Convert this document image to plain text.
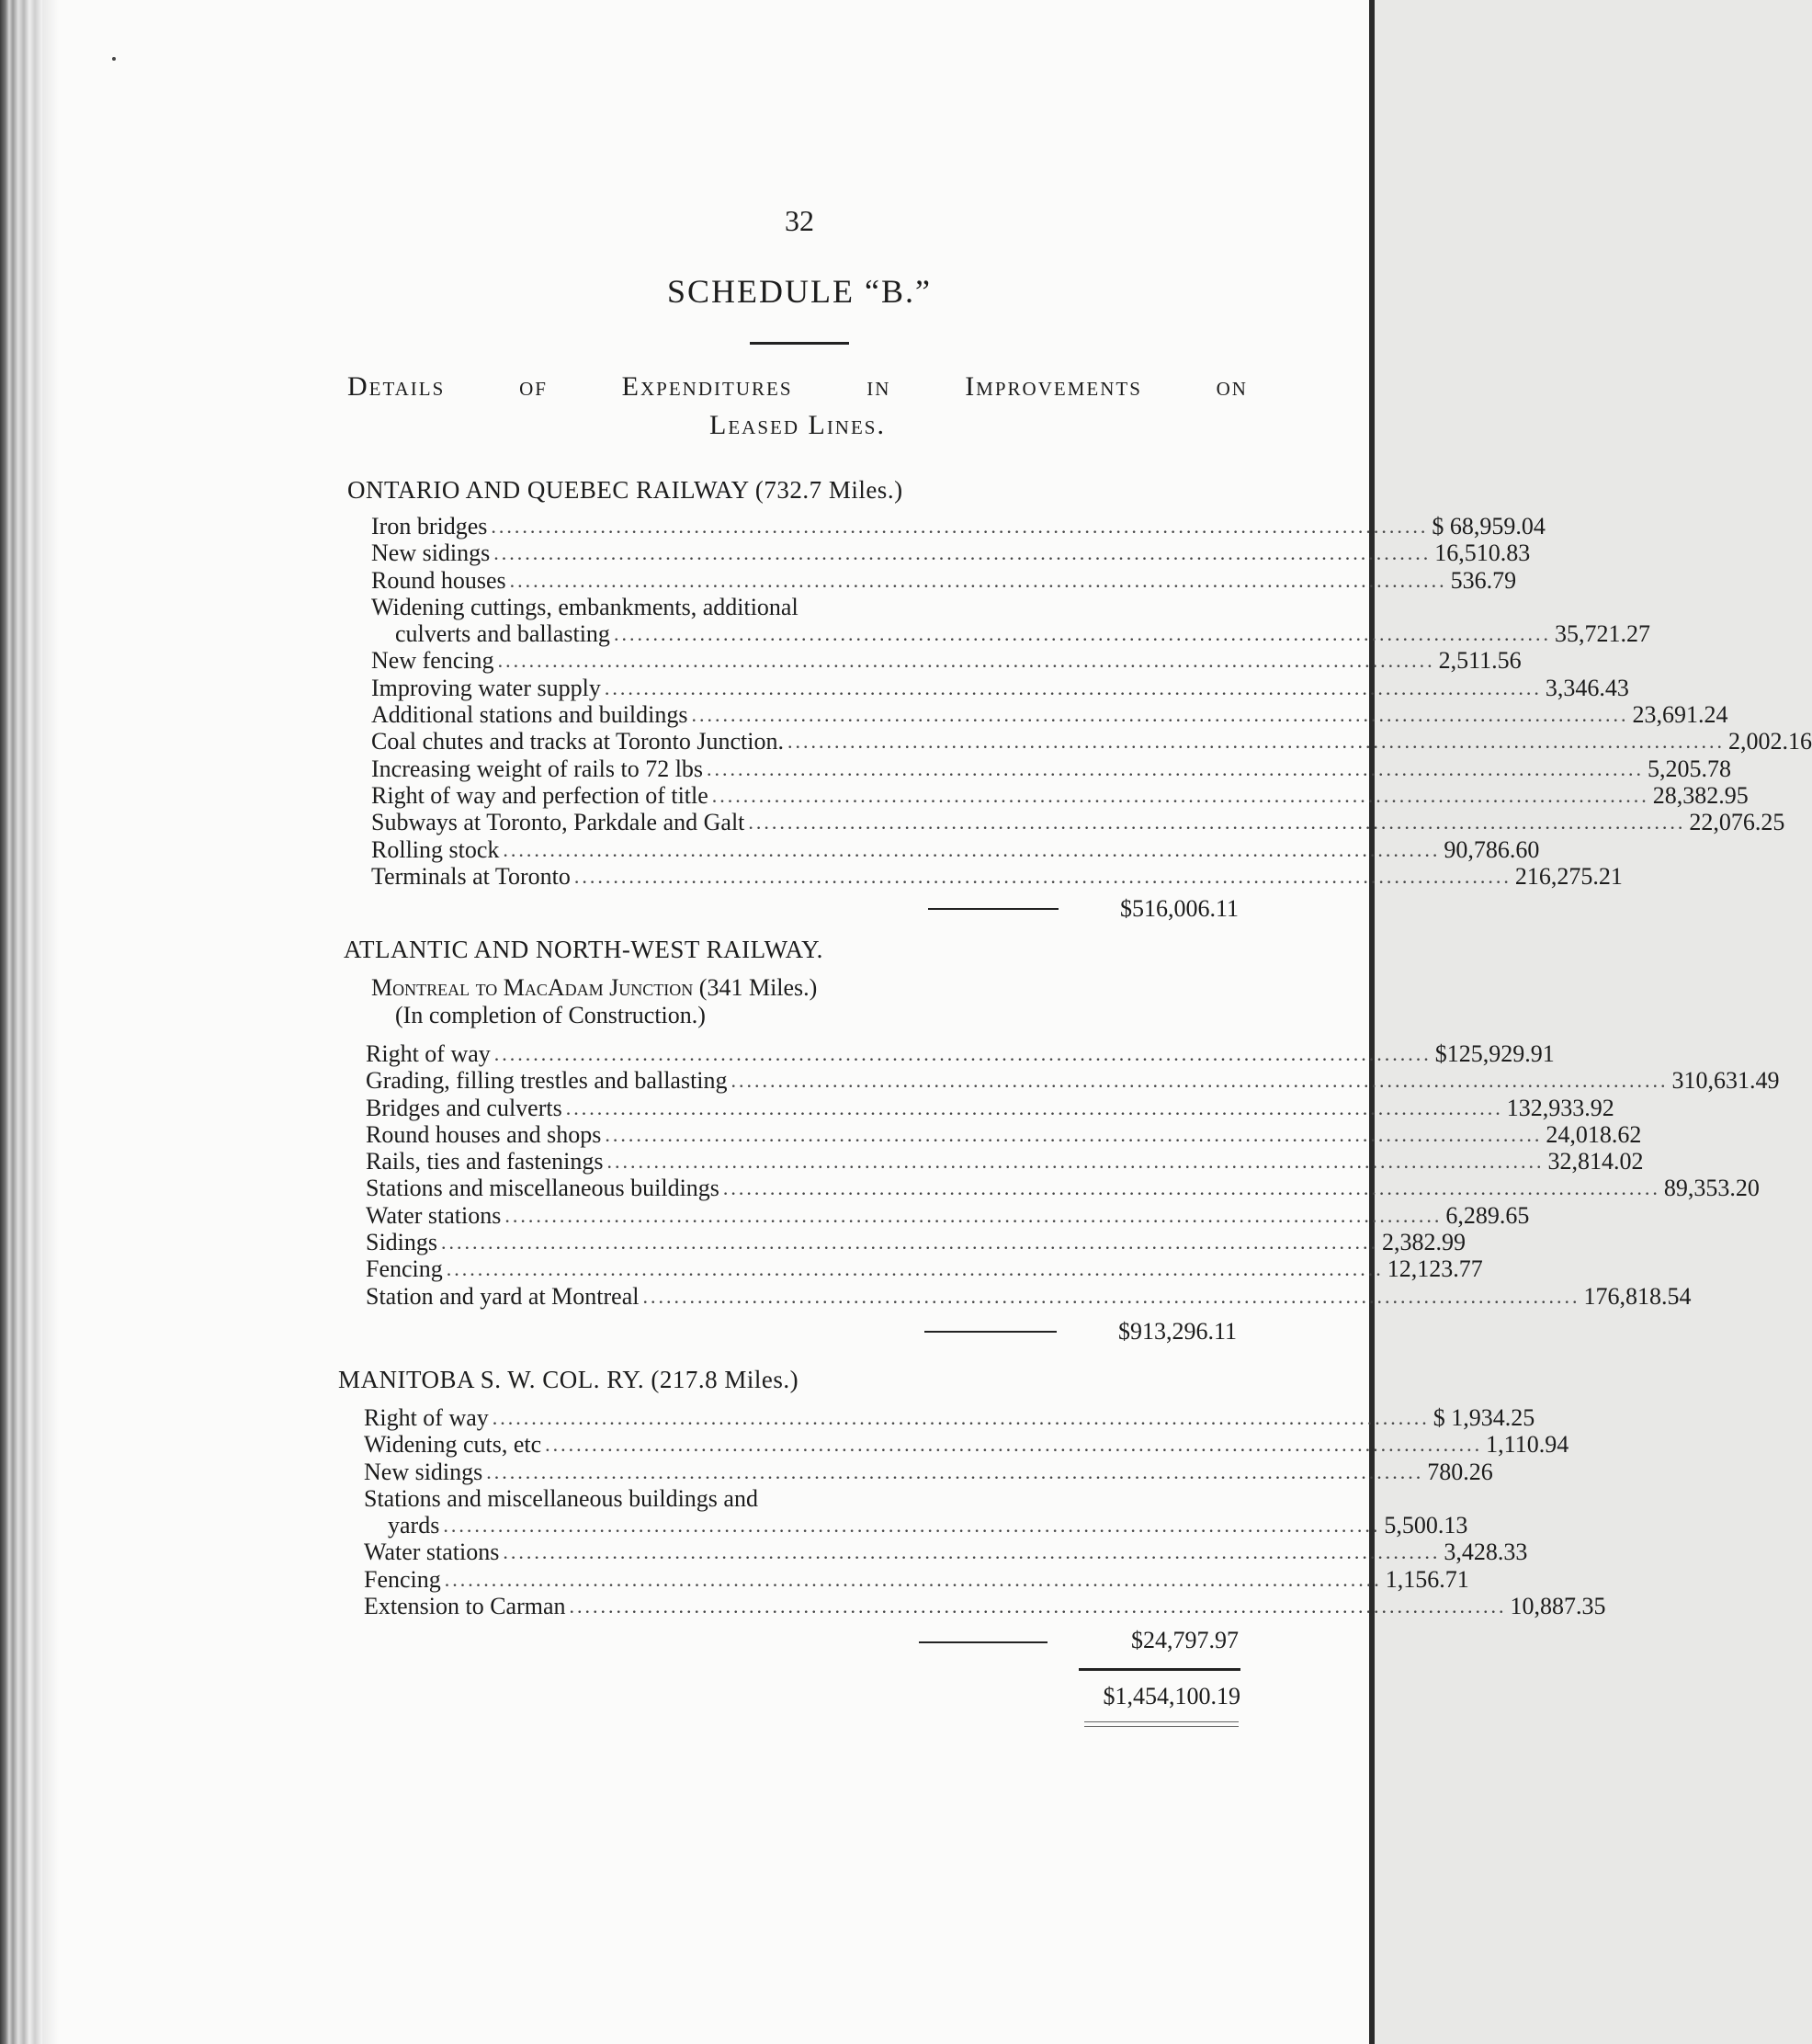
32
SCHEDULE “B.”
Details	of	Expenditures	in	Improvements	on
Leased Lines.
ONTARIO AND QUEBEC RAILWAY (732.7 Miles.)
Iron bridges ........................................................................................................................ $ 68,959.04
New sidings ........................................................................................................................ 16,510.83
Round houses ........................................................................................................................ 536.79
Widening cuttings, embankments, additional
culverts and ballasting ........................................................................................................................ 35,721.27
New fencing ........................................................................................................................ 2,511.56
Improving water supply ........................................................................................................................ 3,346.43
Additional stations and buildings ........................................................................................................................ 23,691.24
Coal chutes and tracks at Toronto Junction. ........................................................................................................................ 2,002.16
Increasing weight of rails to 72 lbs ........................................................................................................................ 5,205.78
Right of way and perfection of title ........................................................................................................................ 28,382.95
Subways at Toronto, Parkdale and Galt ........................................................................................................................ 22,076.25
Rolling stock ........................................................................................................................ 90,786.60
Terminals at Toronto ........................................................................................................................ 216,275.21
$516,006.11
ATLANTIC AND NORTH-WEST RAILWAY.
Montreal to MacAdam Junction (341 Miles.)
(In completion of Construction.)
Right of way ........................................................................................................................ $125,929.91
Grading, filling trestles and ballasting ........................................................................................................................ 310,631.49
Bridges and culverts ........................................................................................................................ 132,933.92
Round houses and shops ........................................................................................................................ 24,018.62
Rails, ties and fastenings ........................................................................................................................ 32,814.02
Stations and miscellaneous buildings ........................................................................................................................ 89,353.20
Water stations ........................................................................................................................ 6,289.65
Sidings ........................................................................................................................ 2,382.99
Fencing ........................................................................................................................ 12,123.77
Station and yard at Montreal ........................................................................................................................ 176,818.54
$913,296.11
MANITOBA S. W. COL. RY. (217.8 Miles.)
Right of way ........................................................................................................................ $ 1,934.25
Widening cuts, etc ........................................................................................................................ 1,110.94
New sidings ........................................................................................................................ 780.26
Stations and miscellaneous buildings and
yards ........................................................................................................................ 5,500.13
Water stations ........................................................................................................................ 3,428.33
Fencing ........................................................................................................................ 1,156.71
Extension to Carman ........................................................................................................................ 10,887.35
$24,797.97
$1,454,100.19
